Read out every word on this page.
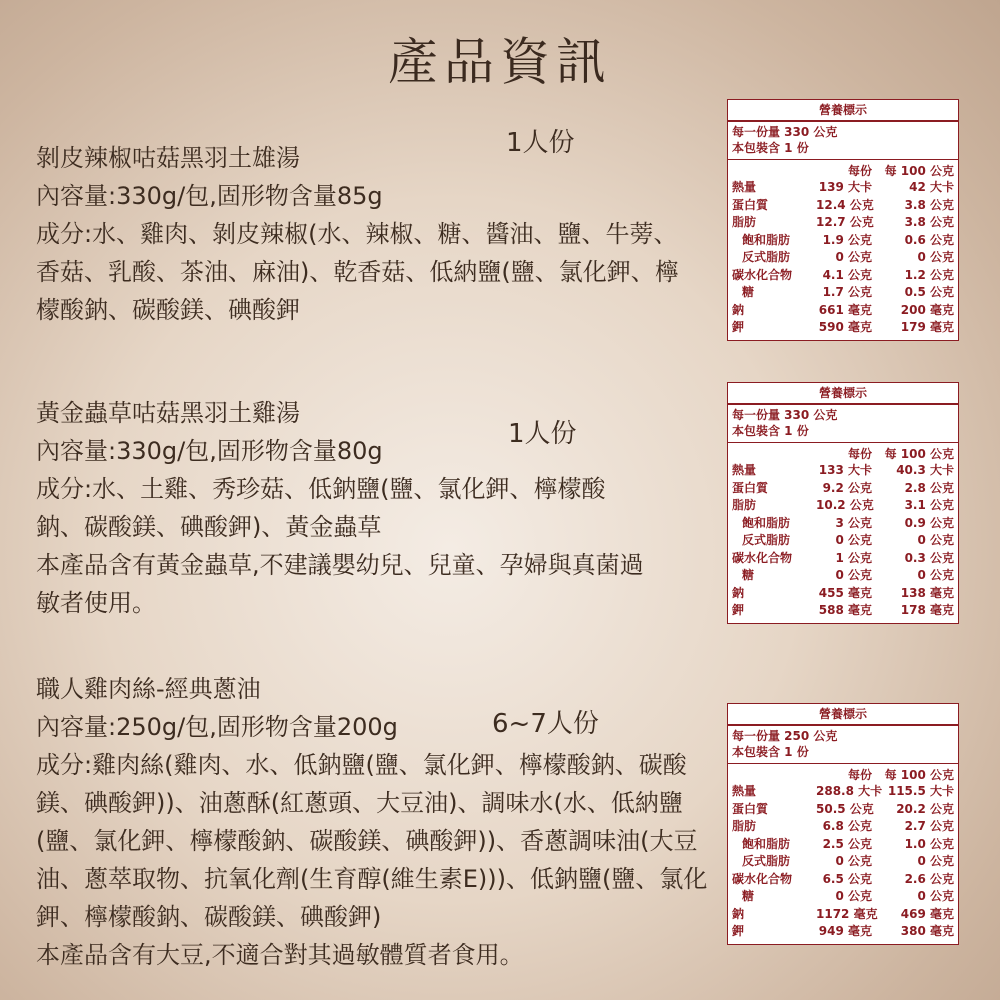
產品資訊
剝皮辣椒咕菇黑羽土雄湯
內容量:330g/包,固形物含量85g
成分:水、雞肉、剝皮辣椒(水、辣椒、糖、醬油、鹽、牛蒡、
香菇、乳酸、茶油、麻油)、乾香菇、低納鹽(鹽、氯化鉀、檸
檬酸鈉、碳酸鎂、碘酸鉀
1人份
營養標示
每一份量 330 公克
本包裝含 1 份
每份	每 100 公克
熱量	139 大卡	42 大卡
蛋白質	12.4 公克	3.8 公克
脂肪	12.7 公克	3.8 公克
飽和脂肪	1.9 公克	0.6 公克
反式脂肪	0 公克	0 公克
碳水化合物	4.1 公克	1.2 公克
糖	1.7 公克	0.5 公克
鈉	661 毫克	200 毫克
鉀	590 毫克	179 毫克
黃金蟲草咕菇黑羽土雞湯
內容量:330g/包,固形物含量80g
成分:水、土雞、秀珍菇、低鈉鹽(鹽、氯化鉀、檸檬酸
鈉、碳酸鎂、碘酸鉀)、黃金蟲草
本產品含有黃金蟲草,不建議嬰幼兒、兒童、孕婦與真菌過
敏者使用。
1人份
營養標示
每一份量 330 公克
本包裝含 1 份
每份	每 100 公克
熱量	133 大卡	40.3 大卡
蛋白質	9.2 公克	2.8 公克
脂肪	10.2 公克	3.1 公克
飽和脂肪	3 公克	0.9 公克
反式脂肪	0 公克	0 公克
碳水化合物	1 公克	0.3 公克
糖	0 公克	0 公克
鈉	455 毫克	138 毫克
鉀	588 毫克	178 毫克
職人雞肉絲-經典蔥油
內容量:250g/包,固形物含量200g
成分:雞肉絲(雞肉、水、低鈉鹽(鹽、氯化鉀、檸檬酸鈉、碳酸
鎂、碘酸鉀))、油蔥酥(紅蔥頭、大豆油)、調味水(水、低納鹽
(鹽、氯化鉀、檸檬酸鈉、碳酸鎂、碘酸鉀))、香蔥調味油(大豆
油、蔥萃取物、抗氧化劑(生育醇(維生素E)))、低鈉鹽(鹽、氯化
鉀、檸檬酸鈉、碳酸鎂、碘酸鉀)
本產品含有大豆,不適合對其過敏體質者食用。
6~7人份	營養標示
每一份量 250 公克
本包裝含 1 份
每份	每 100 公克
熱量	288.8 大卡 115.5 大卡
蛋白質	50.5 公克	20.2 公克
脂肪	6.8 公克	2.7 公克
飽和脂肪	2.5 公克	1.0 公克
反式脂肪	0 公克	0 公克
碳水化合物	6.5 公克	2.6 公克
糖	0 公克	0 公克
鈉	1172 毫克	469 毫克
鉀	949 毫克	380 毫克
